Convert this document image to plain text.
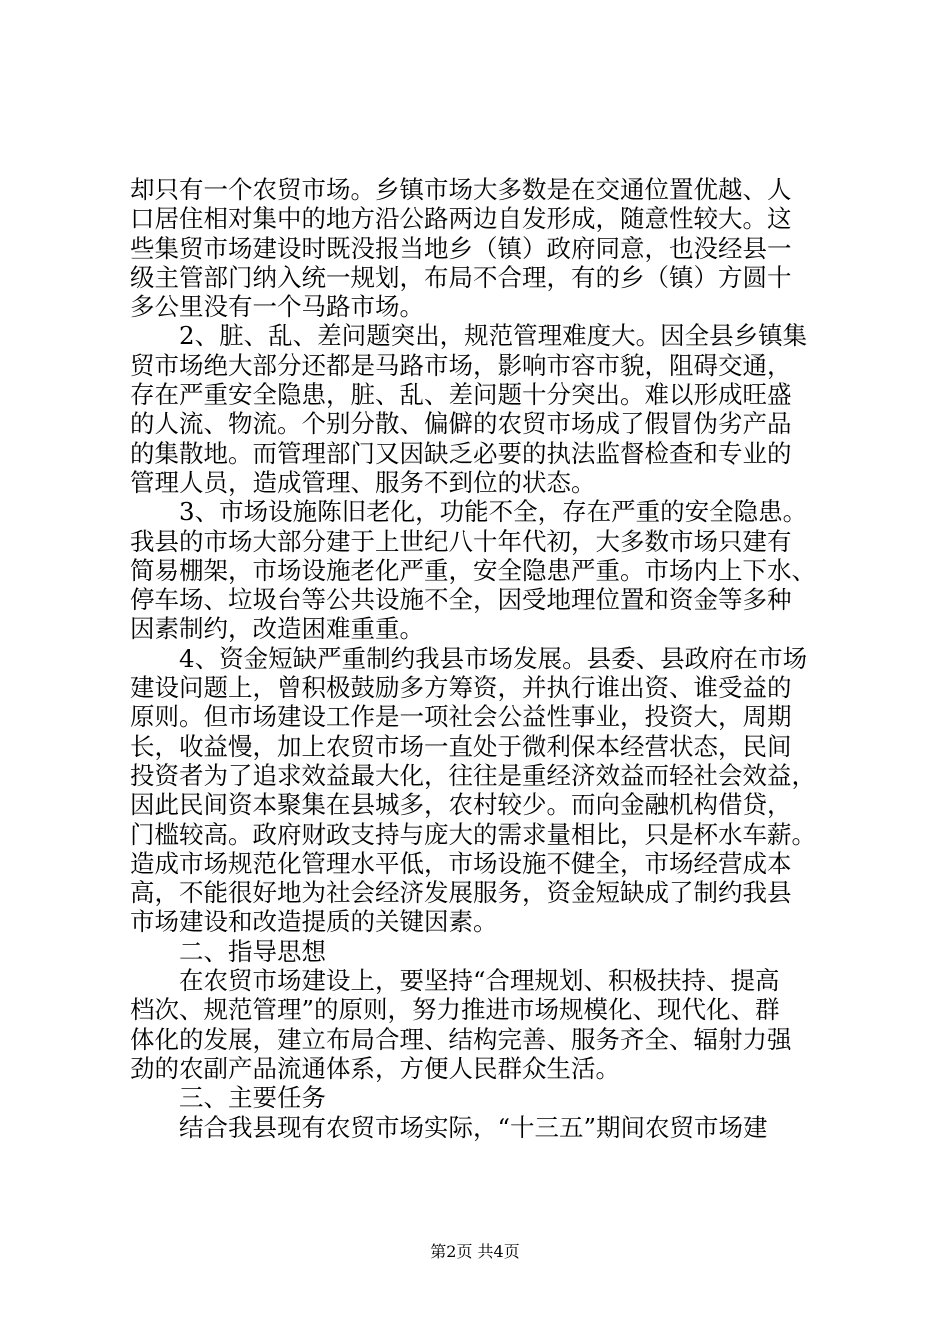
却只有一个农贸市场。乡镇市场大多数是在交通位置优越、人
口居住相对集中的地方沿公路两边自发形成，随意性较大。这
些集贸市场建设时既没报当地乡（镇）政府同意，也没经县一
级主管部门纳入统一规划，布局不合理，有的乡（镇）方圆十
多公里没有一个马路市场。
　　2、脏、乱、差问题突出，规范管理难度大。因全县乡镇集
贸市场绝大部分还都是马路市场，影响市容市貌，阻碍交通，
存在严重安全隐患，脏、乱、差问题十分突出。难以形成旺盛
的人流、物流。个别分散、偏僻的农贸市场成了假冒伪劣产品
的集散地。而管理部门又因缺乏必要的执法监督检查和专业的
管理人员，造成管理、服务不到位的状态。
　　3、市场设施陈旧老化，功能不全，存在严重的安全隐患。
我县的市场大部分建于上世纪八十年代初，大多数市场只建有
简易棚架，市场设施老化严重，安全隐患严重。市场内上下水、
停车场、垃圾台等公共设施不全，因受地理位置和资金等多种
因素制约，改造困难重重。
　　4、资金短缺严重制约我县市场发展。县委、县政府在市场
建设问题上，曾积极鼓励多方筹资，并执行谁出资、谁受益的
原则。但市场建设工作是一项社会公益性事业，投资大，周期
长，收益慢，加上农贸市场一直处于微利保本经营状态，民间
投资者为了追求效益最大化，往往是重经济效益而轻社会效益，
因此民间资本聚集在县城多，农村较少。而向金融机构借贷，
门槛较高。政府财政支持与庞大的需求量相比，只是杯水车薪。
造成市场规范化管理水平低，市场设施不健全，市场经营成本
高，不能很好地为社会经济发展服务，资金短缺成了制约我县
市场建设和改造提质的关键因素。
　　二、指导思想
　　在农贸市场建设上，要坚持“合理规划、积极扶持、提高
档次、规范管理”的原则，努力推进市场规模化、现代化、群
体化的发展，建立布局合理、结构完善、服务齐全、辐射力强
劲的农副产品流通体系，方便人民群众生活。
　　三、主要任务
　　结合我县现有农贸市场实际，“十三五”期间农贸市场建
第2页 共4页
